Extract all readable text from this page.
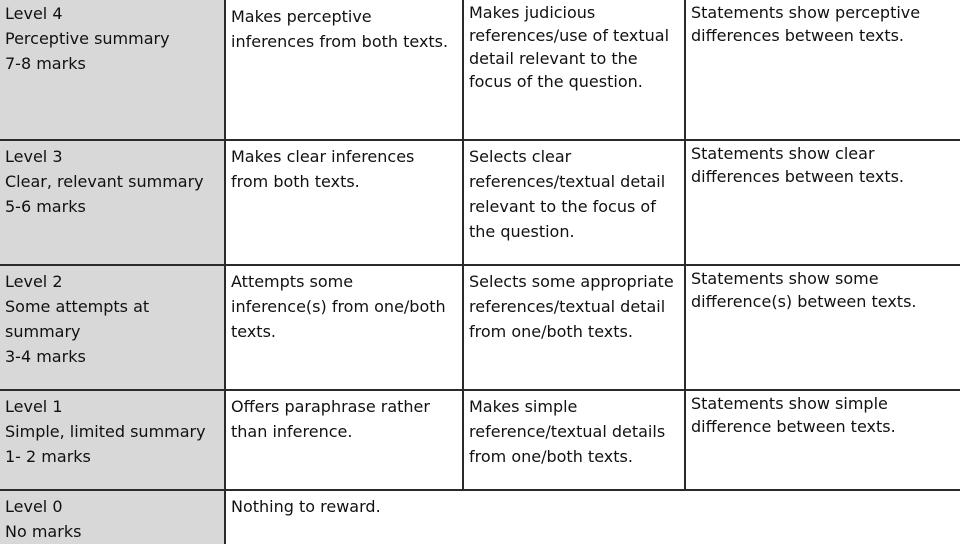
Level 4
Perceptive summary
7-8 marks	Makes perceptive
inferences from both texts.	Makes judicious
references/use of textual
detail relevant to the
focus of the question.	Statements show perceptive
differences between texts.

Level 3
Clear, relevant summary
5-6 marks	Makes clear inferences
from both texts.	Selects clear
references/textual detail
relevant to the focus of
the question.	Statements show clear
differences between texts.

Level 2
Some attempts at
summary
3-4 marks	Attempts some
inference(s) from one/both
texts.	Selects some appropriate
references/textual detail
from one/both texts.	Statements show some
difference(s) between texts.

Level 1
Simple, limited summary
1- 2 marks	Offers paraphrase rather
than inference.	Makes simple
reference/textual details
from one/both texts.	Statements show simple
difference between texts.

Level 0
No marks	Nothing to reward.		
